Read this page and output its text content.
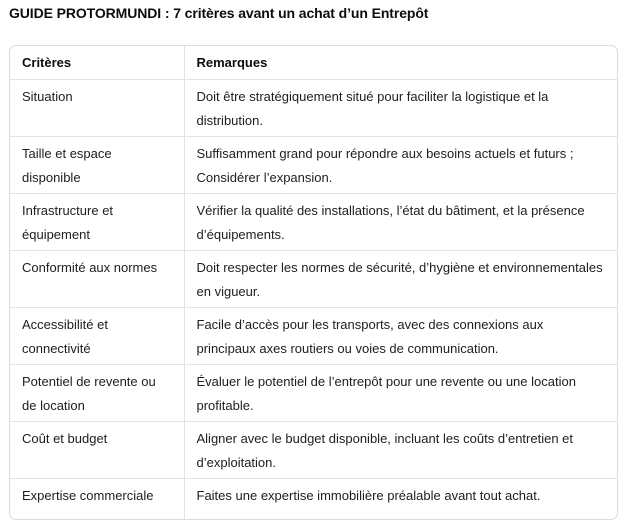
GUIDE PROTORMUNDI : 7 critères avant un achat d’un Entrepôt
Critères	Remarques
Situation	Doit être stratégiquement situé pour faciliter la logistique et la distribution.
Taille et espace disponible	Suffisamment grand pour répondre aux besoins actuels et futurs ; Considérer l’expansion.
Infrastructure et équipement	Vérifier la qualité des installations, l’état du bâtiment, et la présence d’équipements.
Conformité aux normes	Doit respecter les normes de sécurité, d’hygiène et environnementales en vigueur.
Accessibilité et connectivité	Facile d’accès pour les transports, avec des connexions aux principaux axes routiers ou voies de communication.
Potentiel de revente ou de location	Évaluer le potentiel de l’entrepôt pour une revente ou une location profitable.
Coût et budget	Aligner avec le budget disponible, incluant les coûts d’entretien et d’exploitation.
Expertise commerciale	Faites une expertise immobilière préalable avant tout achat.
